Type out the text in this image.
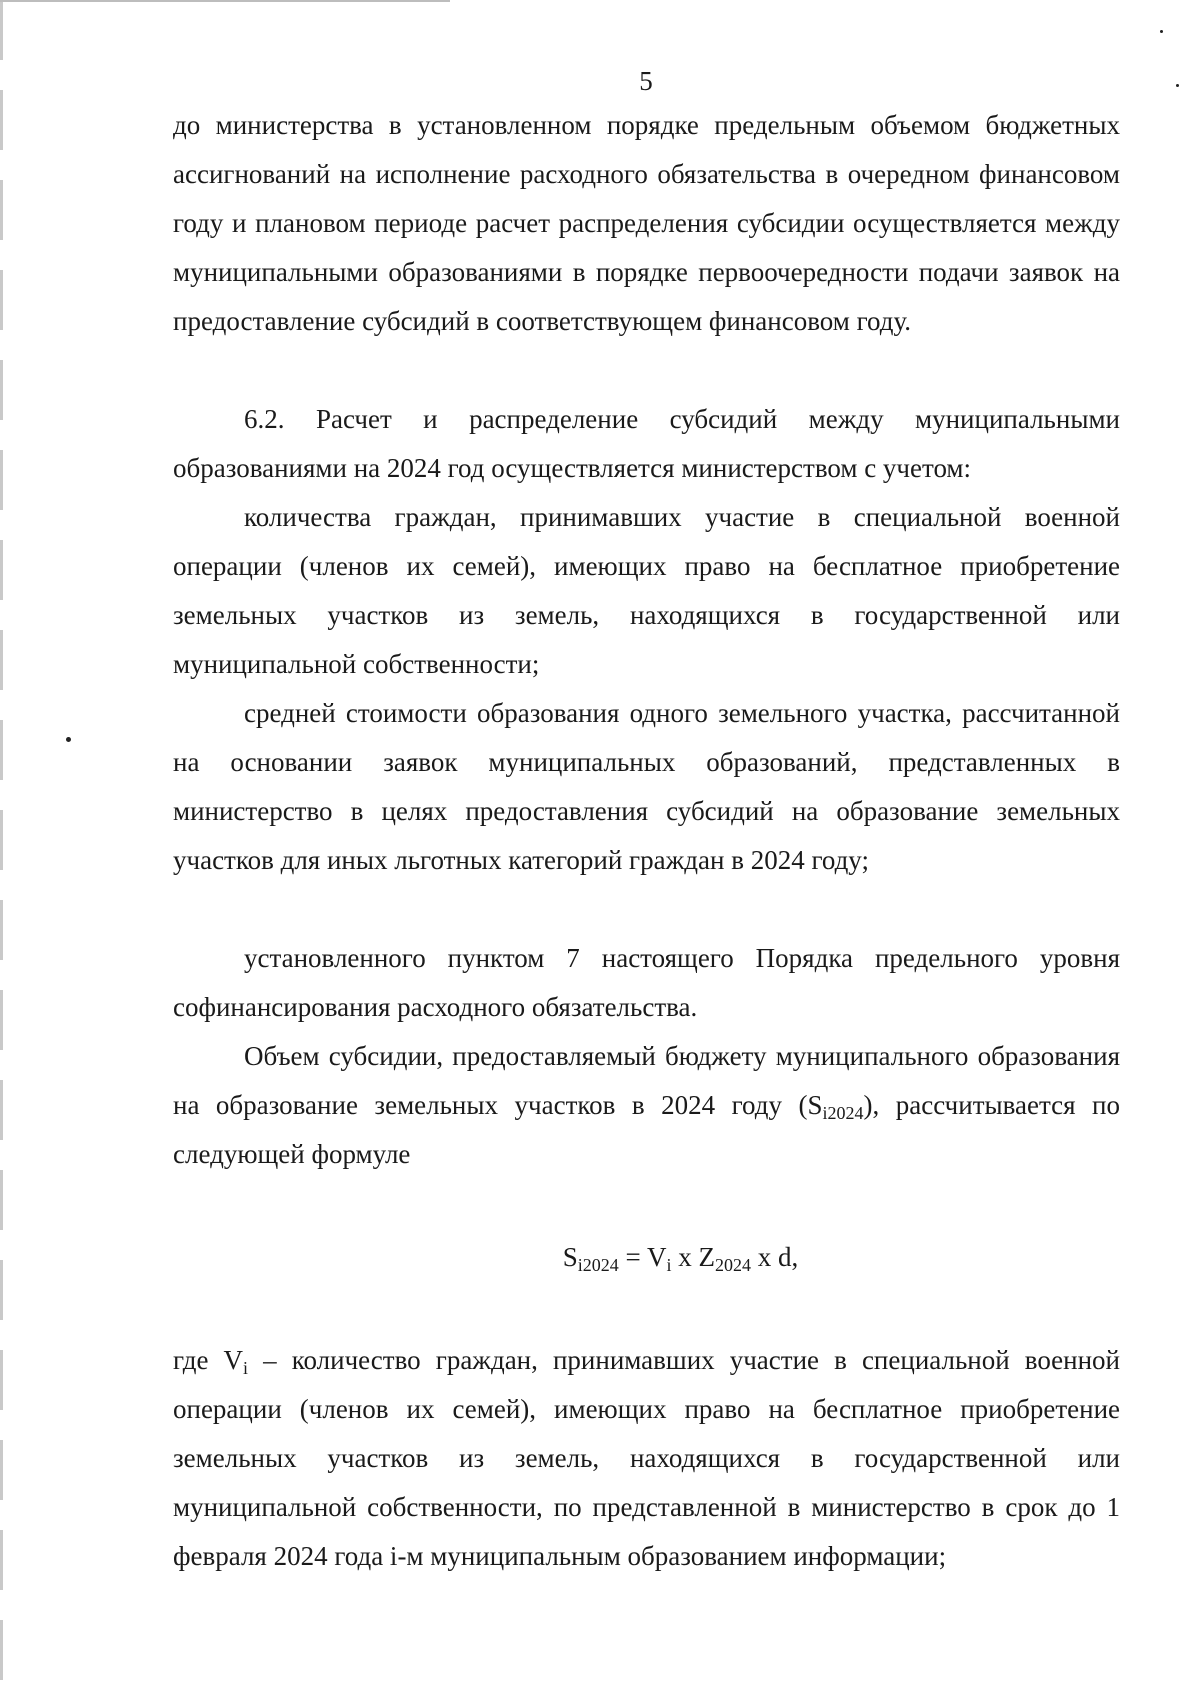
5

до министерства в установленном порядке предельным объемом бюджетных ассигнований на исполнение расходного обязательства в очередном финансовом году и плановом периоде расчет распределения субсидии осуществляется между муниципальными образованиями в порядке первоочередности подачи заявок на предоставление субсидий в соответствующем финансовом году.

6.2. Расчет и распределение субсидий между муниципальными образованиями на 2024 год осуществляется министерством с учетом:

количества граждан, принимавших участие в специальной военной операции (членов их семей), имеющих право на бесплатное приобретение земельных участков из земель, находящихся в государственной или муниципальной собственности;

средней стоимости образования одного земельного участка, рассчитанной на основании заявок муниципальных образований, представленных в министерство в целях предоставления субсидий на образование земельных участков для иных льготных категорий граждан в 2024 году;

установленного пунктом 7 настоящего Порядка предельного уровня софинансирования расходного обязательства.

Объем субсидии, предоставляемый бюджету муниципального образования на образование земельных участков в 2024 году (Si2024), рассчитывается по следующей формуле

$S_{i2024} = V_i$ x $Z_{2024}$ x d,

где Vi – количество граждан, принимавших участие в специальной военной операции (членов их семей), имеющих право на бесплатное приобретение земельных участков из земель, находящихся в государственной или муниципальной собственности, по представленной в министерство в срок до 1 февраля 2024 года i-м муниципальным образованием информации;
